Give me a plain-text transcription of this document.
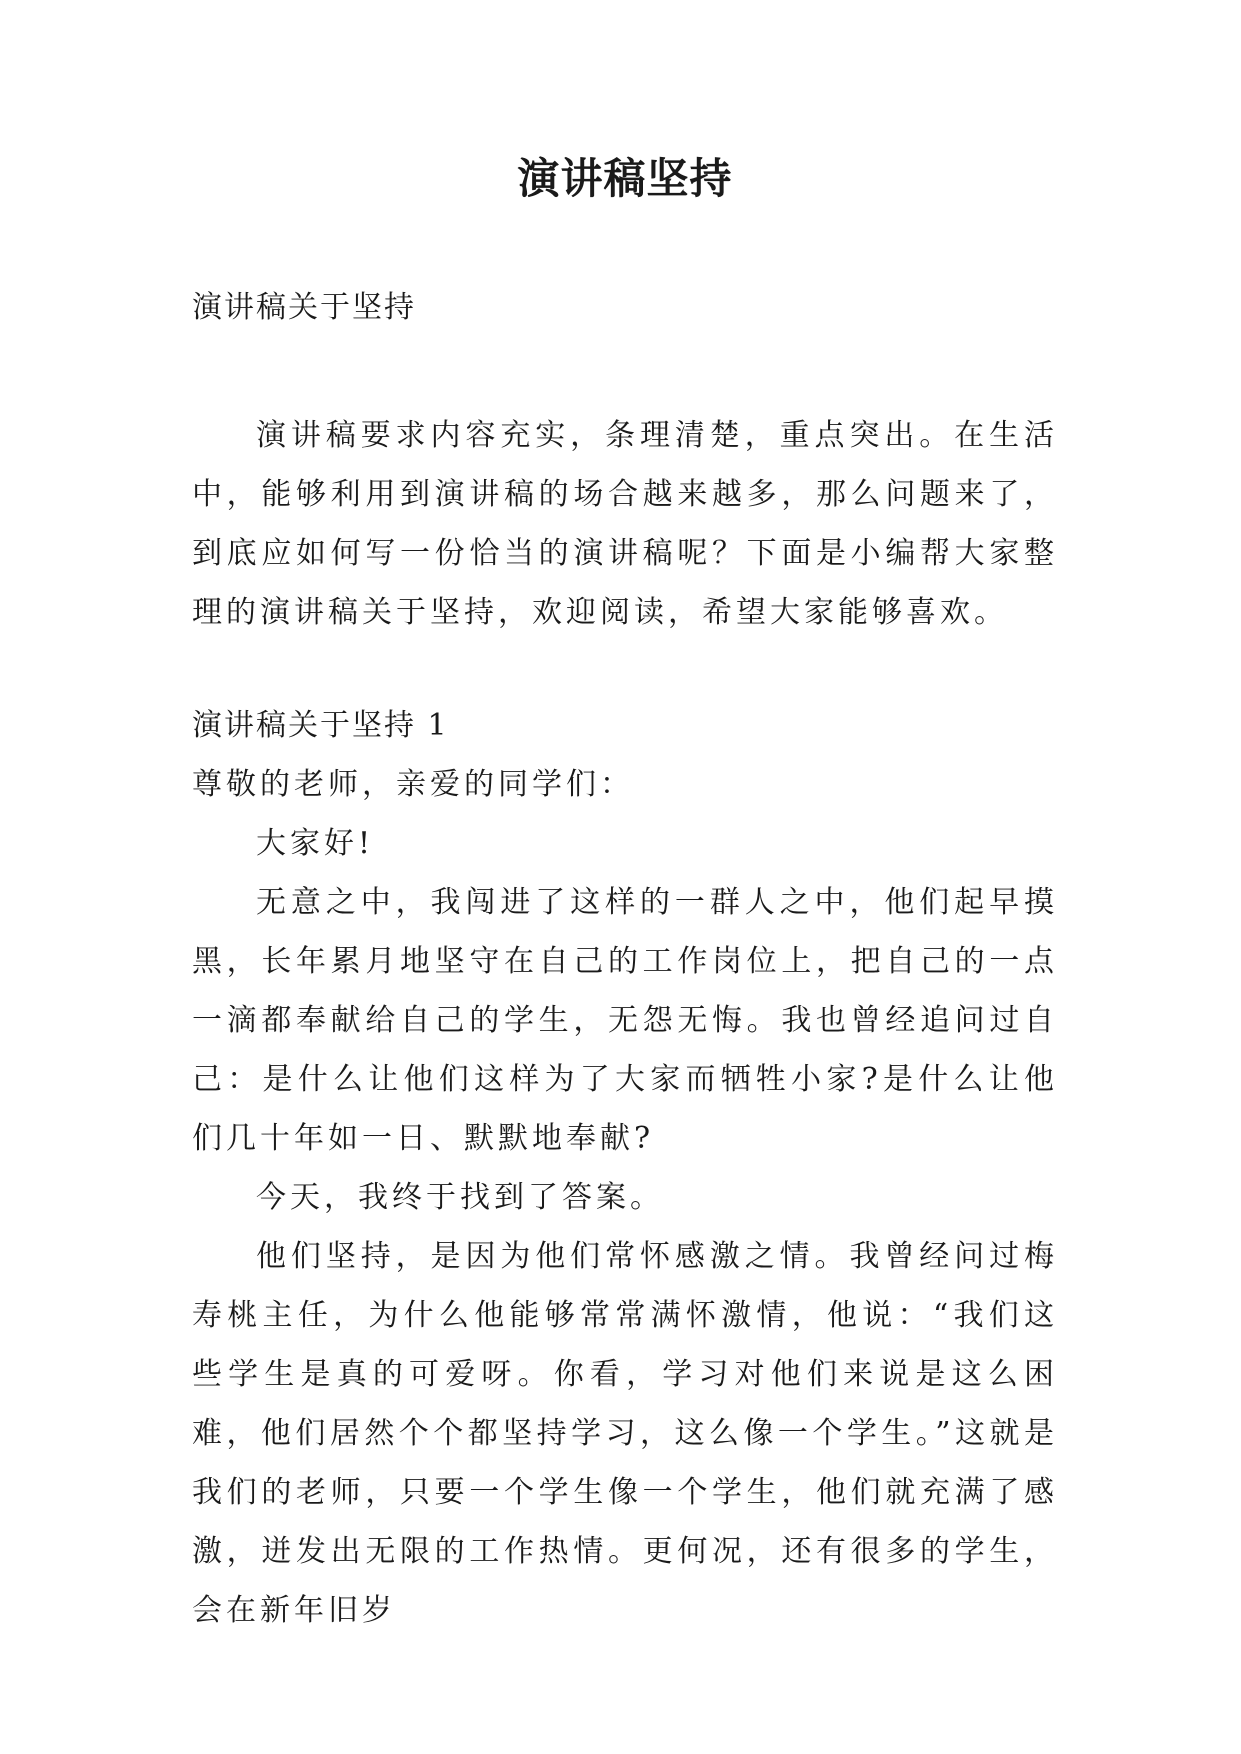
演讲稿坚持
演讲稿关于坚持

演讲稿要求内容充实，条理清楚，重点突出。在生活中，能够利用到演讲稿的场合越来越多，那么问题来了，到底应如何写一份恰当的演讲稿呢？下面是小编帮大家整理的演讲稿关于坚持，欢迎阅读，希望大家能够喜欢。

演讲稿关于坚持 1

尊敬的老师，亲爱的同学们：

大家好!

无意之中，我闯进了这样的一群人之中，他们起早摸黑，长年累月地坚守在自己的工作岗位上，把自己的一点一滴都奉献给自己的学生，无怨无悔。我也曾经追问过自己：是什么让他们这样为了大家而牺牲小家?是什么让他们几十年如一日、默默地奉献?

今天，我终于找到了答案。

他们坚持，是因为他们常怀感激之情。我曾经问过梅寿桃主任，为什么他能够常常满怀激情，他说：“我们这些学生是真的可爱呀。你看，学习对他们来说是这么困难，他们居然个个都坚持学习，这么像一个学生。”这就是我们的老师，只要一个学生像一个学生，他们就充满了感激，迸发出无限的工作热情。更何况，还有很多的学生，会在新年旧岁
